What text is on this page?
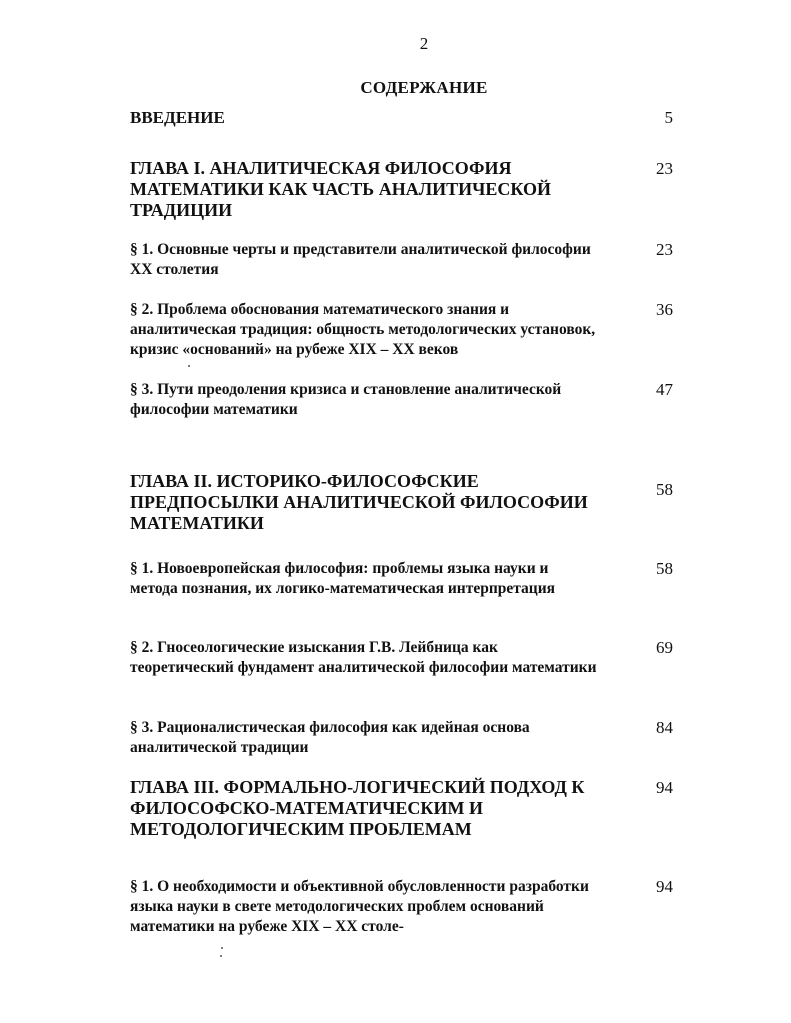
2
СОДЕРЖАНИЕ
ВВЕДЕНИЕ	5
ГЛАВА I. АНАЛИТИЧЕСКАЯ ФИЛОСОФИЯ МАТЕМАТИКИ КАК ЧАСТЬ АНАЛИТИЧЕСКОЙ ТРАДИЦИИ
23
§ 1. Основные черты и представители аналитической философии XX столетия
23
§ 2. Проблема обоснования математического знания и аналитическая традиция: общность методологических установок, кризис «оснований» на рубеже XIX – XX веков
36
§ 3. Пути преодоления кризиса и становление аналитической философии математики
47
ГЛАВА II. ИСТОРИКО-ФИЛОСОФСКИЕ ПРЕДПОСЫЛКИ АНАЛИТИЧЕСКОЙ ФИЛОСОФИИ МАТЕМАТИКИ
58
§ 1. Новоевропейская философия: проблемы языка науки и метода познания, их логико-математическая интерпретация
58
§ 2. Гносеологические изыскания Г.В. Лейбница как теоретический фундамент аналитической философии математики
69
§ 3. Рационалистическая философия как идейная основа аналитической традиции
84
ГЛАВА III. ФОРМАЛЬНО-ЛОГИЧЕСКИЙ ПОДХОД К ФИЛОСОФСКО-МАТЕМАТИЧЕСКИМ И МЕТОДОЛОГИЧЕСКИМ ПРОБЛЕМАМ
94
§ 1. О необходимости и объективной обусловленности разработки языка науки в свете методологических проблем оснований математики на рубеже XIX – XX столе-
94
